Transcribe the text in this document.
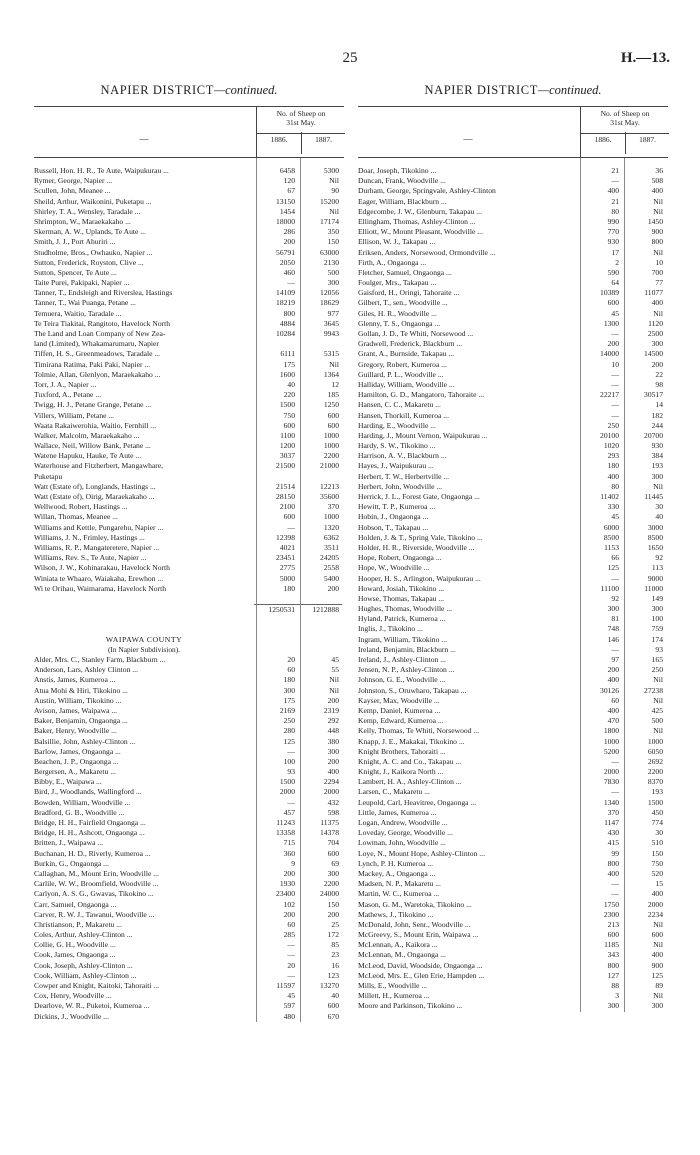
25	H.—13.
NAPIER DISTRICT—continued.
—
No. of Sheep on
31st May.
1886.	1887.
Russell, Hon. H. R., Te Aute, Waipukurau ...	6458	5300
Rymer, George, Napier ...	120	Nil
Scullen, John, Meanee ...	67	90
Sheild, Arthur, Waikonini, Puketapu ...	13150	15200
Shirley, T. A., Wensley, Taradale ...	1454	Nil
Shrimpton, W., Maraekakaho ...	18000	17174
Skerman, A. W., Uplands, Te Aute ...	286	350
Smith, J. J., Port Ahuriri ...	200	150
Studholme, Bros., Owhauko, Napier ...	56791	63000
Sutton, Frederick, Royston, Clive ...	2050	2130
Sutton, Spencer, Te Aute ...	460	500
Taite Purei, Pakipaki, Napier ...	—	300
Tanner, T., Endsleigh and Riverslea, Hastings	14109	12056
Tanner, T., Wai Puanga, Petane ...	18219	18629
Temuera, Waitio, Taradale ...	800	977
Te Teira Tiakitai, Rangitoto, Havelock North	4884	3645
The Land and Loan Company of New Zea-	10284	9943
land (Limited), Whakamarumaru, Napier
Tiffen, H. S., Greenmeadows, Taradale ...	6111	5315
Timirana Ratima, Paki Paki, Napier ...	175	Nil
Tolmie, Allan, Glenlyon, Maraekakaho ...	1600	1364
Torr, J. A., Napier ...	40	12
Tuxford, A., Petane ...	220	185
Twigg, H. J., Petane Grange, Petane ...	1500	1250
Villers, William, Petane ...	750	600
Waata Rakaiwerohia, Waitio, Fernhill ...	600	600
Walker, Malcolm, Maraekakaho ...	1100	1000
Wallace, Neil, Willow Bank, Petane ...	1200	1000
Watene Hapuku, Hauke, Te Aute ...	3037	2200
Waterhouse and Fitzherbert, Mangawhare,	21500	21000
Puketapu
Watt (Estate of), Longlands, Hastings ...	21514	12213
Watt (Estate of), Oirig, Maraekakaho ...	28150	35600
Wellwood, Robert, Hastings ...	2100	370
Willan, Thomas, Meanee ...	600	1000
Williams and Kettle, Pungarehu, Napier ...	—	1320
Williams, J. N., Frimley, Hastings ...	12398	6362
Williams, R. P., Mangateretere, Napier ...	4021	3511
Williams, Rev. S., Te Aute, Napier ...	23451	24205
Wilson, J. W., Kohinarakau, Havelock North	2775	2558
Winiata te Whaaro, Waiakaha, Erewhon ...	5000	5400
Wi te Orihau, Waimarama, Havelock North	180	200
1250531	1212888
WAIPAWA COUNTY
(In Napier Subdivision).
Alder, Mrs. C., Stanley Farm, Blackburn ...	20	45
Anderson, Lars, Ashley Clinton ...	60	55
Anstis, James, Kumeroa ...	180	Nil
Atua Mohi & Hiri, Tikokino ...	300	Nil
Austin, William, Tikokino ...	175	200
Avison, James, Waipawa ...	2169	2319
Baker, Benjamin, Ongaonga ...	250	292
Baker, Henry, Woodville ...	280	448
Balsillie, John, Ashley-Clinton ...	125	380
Barlow, James, Ongaonga ...	—	300
Beachen, J. P., Ongaonga ...	100	200
Bergersen, A., Makaretu ...	93	400
Bibby, E., Waipawa ...	1500	2294
Bird, J., Woodlands, Wallingford ...	2000	2000
Bowden, William, Woodville ...	—	432
Bradford, G. B., Woodville ...	457	598
Bridge, H. H., Fairfield Ongaonga ...	11243	11375
Bridge, H. H., Ashcott, Ongaonga ...	13358	14378
Britten, J., Waipawa ...	715	704
Buchanan, H. D., Riverly, Kumeroa ...	360	600
Burkin, G., Ongaonga ...	9	69
Callaghan, M., Mount Erin, Woodville ...	200	300
Carlile, W. W., Broomfield, Woodville ...	1930	2200
Carlyon, A. S. G., Gwavas, Tikokino ...	23400	24000
Carr, Samuel, Ongaonga ...	102	150
Carver, R. W. J., Tawanui, Woodville ...	200	200
Christianson, P., Makaretu ...	60	25
Coles, Arthur, Ashley-Clinton ...	285	172
Collie, G. H., Woodville ...	—	85
Cook, James, Ongaonga ...	—	23
Cook, Joseph, Ashley-Clinton ...	20	16
Cook, William, Ashley-Clinton ...	—	123
Cowper and Knight, Kaitoki, Tahoraiti ...	11597	13270
Cox, Henry, Woodville ...	45	40
Dearlove, W. R., Puketoi, Kumeroa ...	597	600
Dickins, J., Woodville ...	480	670
NAPIER DISTRICT—continued.
—
No. of Sheep on
31st May.
1886.	1887.
Doar, Joseph, Tikokino ...	21	36
Duncan, Frank, Woodville ...	—	508
Durham, George, Springvale, Ashley-Clinton	400	400
Eager, William, Blackburn ...	21	Nil
Edgecombe, J. W., Glenburn, Takapau ...	80	Nil
Ellingham, Thomas, Ashley-Clinton ...	990	1450
Elliott, W., Mount Pleasant, Woodville ...	770	900
Ellison, W. J., Takapau ...	930	800
Eriksen, Anders, Norsewood, Ormondville ...	17	Nil
Firth, A., Ongaonga ...	2	10
Fletcher, Samuel, Ongaonga ...	590	700
Foulger, Mrs., Takapau ...	64	77
Gaisford, H., Oringi, Tahoraite ...	10389	11077
Gilbert, T., sen., Woodville ...	600	400
Giles, H. R., Woodville ...	45	Nil
Glenny, T. S., Ongaonga ...	1300	1120
Gollan, J. D., Te Whiti, Norsewood ...	—	2500
Gradwell, Frederick, Blackburn ...	200	300
Grant, A., Burnside, Takapau ...	14000	14500
Gregory, Robert, Kumeroa ...	10	200
Guillard, P. L., Woodville ...	—	22
Halliday, William, Woodville ...	—	98
Hamilton, G. D., Mangatoro, Tahoraite ...	22217	30517
Hansen, C. C., Makaretu ...	—	14
Hansen, Thorkill, Kumeroa ...	—	182
Harding, E., Woodville ...	250	244
Harding, J., Mount Vernon, Waipukurau ...	20100	20700
Hardy, S. W., Tikokino ...	1020	930
Harrison, A. V., Blackburn ...	293	384
Hayes, J., Waipukurau ...	180	193
Herbert, T. W., Herbertville ...	400	300
Herbert, John, Woodville ...	80	Nil
Herrick, J. L., Forest Gate, Ongaonga ...	11402	11445
Hewitt, T. P., Kumeroa ...	330	30
Hobin, J., Ongaonga ...	45	40
Hobson, T., Takapau ...	6000	3000
Holden, J. & T., Spring Vale, Tikokino ...	8500	8500
Holder, H. R., Riverside, Woodville ...	1153	1650
Hope, Robert, Ongaonga ...	66	92
Hope, W., Woodville ...	125	113
Hooper, H. S., Arlington, Waipukurau ...	—	9000
Howard, Josiah, Tikokino ...	11100	11000
Howse, Thomas, Takapau ...	92	149
Hughes, Thomas, Woodville ...	300	300
Hyland, Patrick, Kumeroa ...	81	100
Inglis, J., Tikokino ...	748	759
Ingram, William, Tikokino ...	146	174
Ireland, Benjamin, Blackburn ...	—	93
Ireland, J., Ashley-Clinton ...	97	165
Jensen, N. P., Ashley-Clinton ...	200	250
Johnson, G. E., Woodville ...	400	Nil
Johnston, S., Oruwharo, Takapau ...	30126	27238
Kayser, Max, Woodville ...	60	Nil
Kemp, Daniel, Kumeroa ...	400	425
Kemp, Edward, Kumeroa ...	470	500
Kelly, Thomas, Te Whiti, Norsewood ...	1800	Nil
Knapp, J. E., Makakai, Tikokino ...	1000	1000
Knight Brothers, Tahoraiti ...	5200	6050
Knight, A. C. and Co., Takapau ...	—	2692
Knight, J., Kaikora North ...	2000	2200
Lambert, H. A., Ashley-Clinton ...	7830	8370
Larsen, C., Makaretu ...	—	193
Leupold, Carl, Heavitree, Ongaonga ...	1340	1500
Little, James, Kumeroa ...	370	450
Logan, Andrew, Woodville ...	1147	774
Loveday, George, Woodville ...	430	30
Lowman, John, Woodville ...	415	510
Loye, N., Mount Hope, Ashley-Clinton ...	99	150
Lynch, P. H. Kumeroa ...	800	750
Mackey, A., Ongaonga ...	400	520
Madsen, N. P., Makaretu ...	—	15
Martin, W. C., Kumeroa ...	—	400
Mason, G. M., Waretoka, Tikokino ...	1750	2000
Mathews, J., Tikokino ...	2300	2234
McDonald, John, Senr., Woodville ...	213	Nil
McGreevy, S., Mount Erin, Waipawa ...	600	600
McLennan, A., Kaikora ...	1185	Nil
McLennan, M., Ongaonga ...	343	400
McLeod, David, Woodside, Ongaonga ...	800	900
McLeod, Mrs. E., Glen Erie, Hampden ...	127	125
Mills, E., Woodville ...	88	89
Millett, H., Kumeroa ...	3	Nil
Moore and Parkinson, Tikokino ...	300	300
